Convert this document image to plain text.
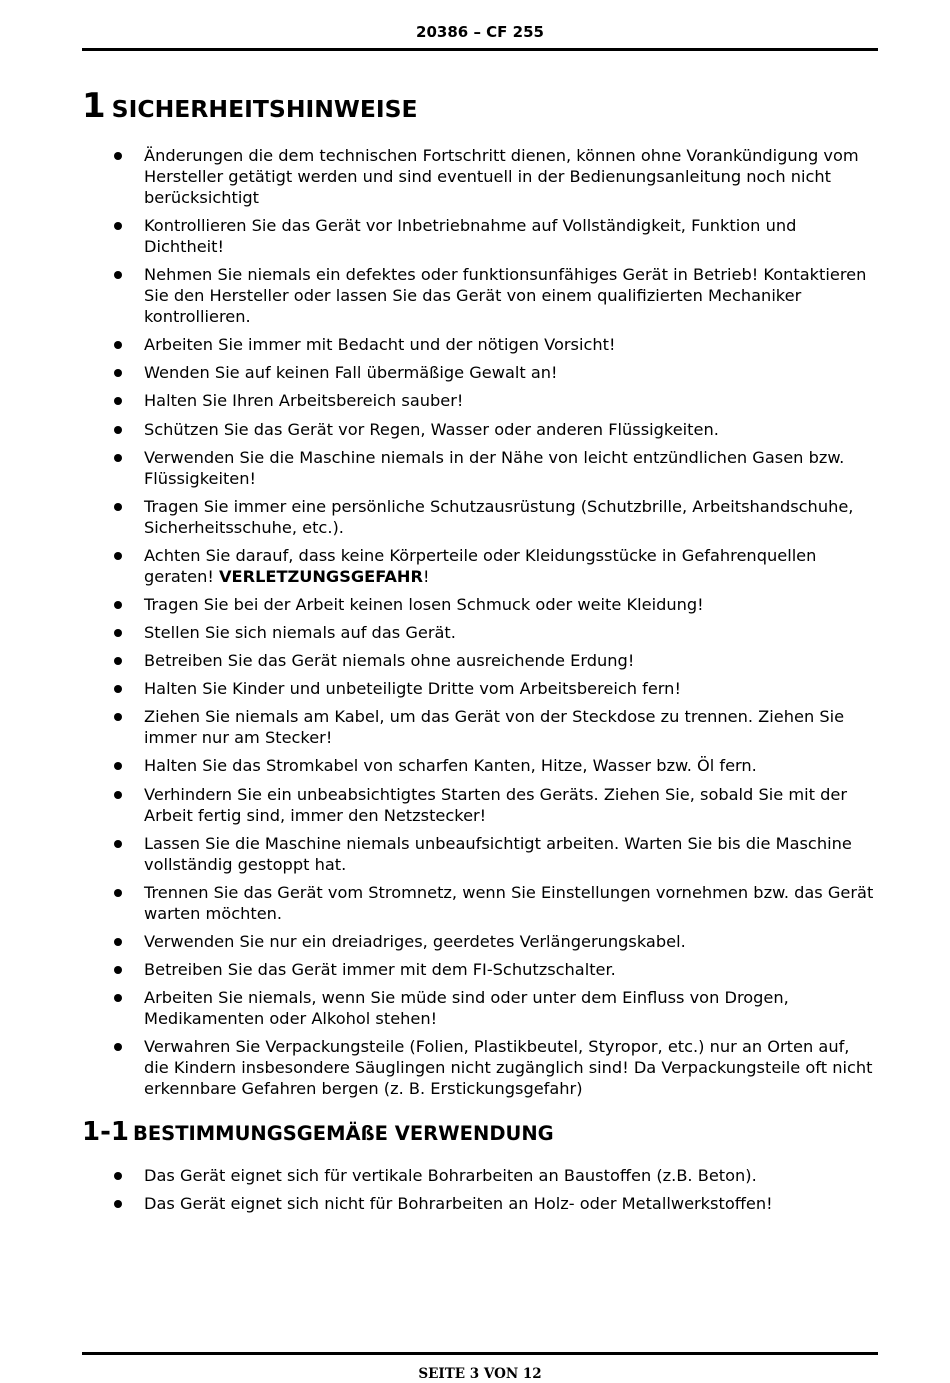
20386 – CF 255
1 SICHERHEITSHINWEISE
Änderungen die dem technischen Fortschritt dienen, können ohne Vorankündigung vom Hersteller getätigt werden und sind eventuell in der Bedienungsanleitung noch nicht berücksichtigt
Kontrollieren Sie das Gerät vor Inbetriebnahme auf Vollständigkeit, Funktion und Dichtheit!
Nehmen Sie niemals ein defektes oder funktionsunfähiges Gerät in Betrieb! Kontaktieren Sie den Hersteller oder lassen Sie das Gerät von einem qualifizierten Mechaniker kontrollieren.
Arbeiten Sie immer mit Bedacht und der nötigen Vorsicht!
Wenden Sie auf keinen Fall übermäßige Gewalt an!
Halten Sie Ihren Arbeitsbereich sauber!
Schützen Sie das Gerät vor Regen, Wasser oder anderen Flüssigkeiten.
Verwenden Sie die Maschine niemals in der Nähe von leicht entzündlichen Gasen bzw. Flüssigkeiten!
Tragen Sie immer eine persönliche Schutzausrüstung (Schutzbrille, Arbeitshandschuhe, Sicherheitsschuhe, etc.).
Achten Sie darauf, dass keine Körperteile oder Kleidungsstücke in Gefahrenquellen geraten! VERLETZUNGSGEFAHR!
Tragen Sie bei der Arbeit keinen losen Schmuck oder weite Kleidung!
Stellen Sie sich niemals auf das Gerät.
Betreiben Sie das Gerät niemals ohne ausreichende Erdung!
Halten Sie Kinder und unbeteiligte Dritte vom Arbeitsbereich fern!
Ziehen Sie niemals am Kabel, um das Gerät von der Steckdose zu trennen. Ziehen Sie immer nur am Stecker!
Halten Sie das Stromkabel von scharfen Kanten, Hitze, Wasser bzw. Öl fern.
Verhindern Sie ein unbeabsichtigtes Starten des Geräts. Ziehen Sie, sobald Sie mit der Arbeit fertig sind, immer den Netzstecker!
Lassen Sie die Maschine niemals unbeaufsichtigt arbeiten. Warten Sie bis die Maschine vollständig gestoppt hat.
Trennen Sie das Gerät vom Stromnetz, wenn Sie Einstellungen vornehmen bzw. das Gerät warten möchten.
Verwenden Sie nur ein dreiadriges, geerdetes Verlängerungskabel.
Betreiben Sie das Gerät immer mit dem FI-Schutzschalter.
Arbeiten Sie niemals, wenn Sie müde sind oder unter dem Einfluss von Drogen, Medikamenten oder Alkohol stehen!
Verwahren Sie Verpackungsteile (Folien, Plastikbeutel, Styropor, etc.) nur an Orten auf, die Kindern insbesondere Säuglingen nicht zugänglich sind! Da Verpackungsteile oft nicht erkennbare Gefahren bergen (z. B. Erstickungsgefahr)
1-1 BESTIMMUNGSGEMÄßE VERWENDUNG
Das Gerät eignet sich für vertikale Bohrarbeiten an Baustoffen (z.B. Beton).
Das Gerät eignet sich nicht für Bohrarbeiten an Holz- oder Metallwerkstoffen!
SEITE 3 VON 12
